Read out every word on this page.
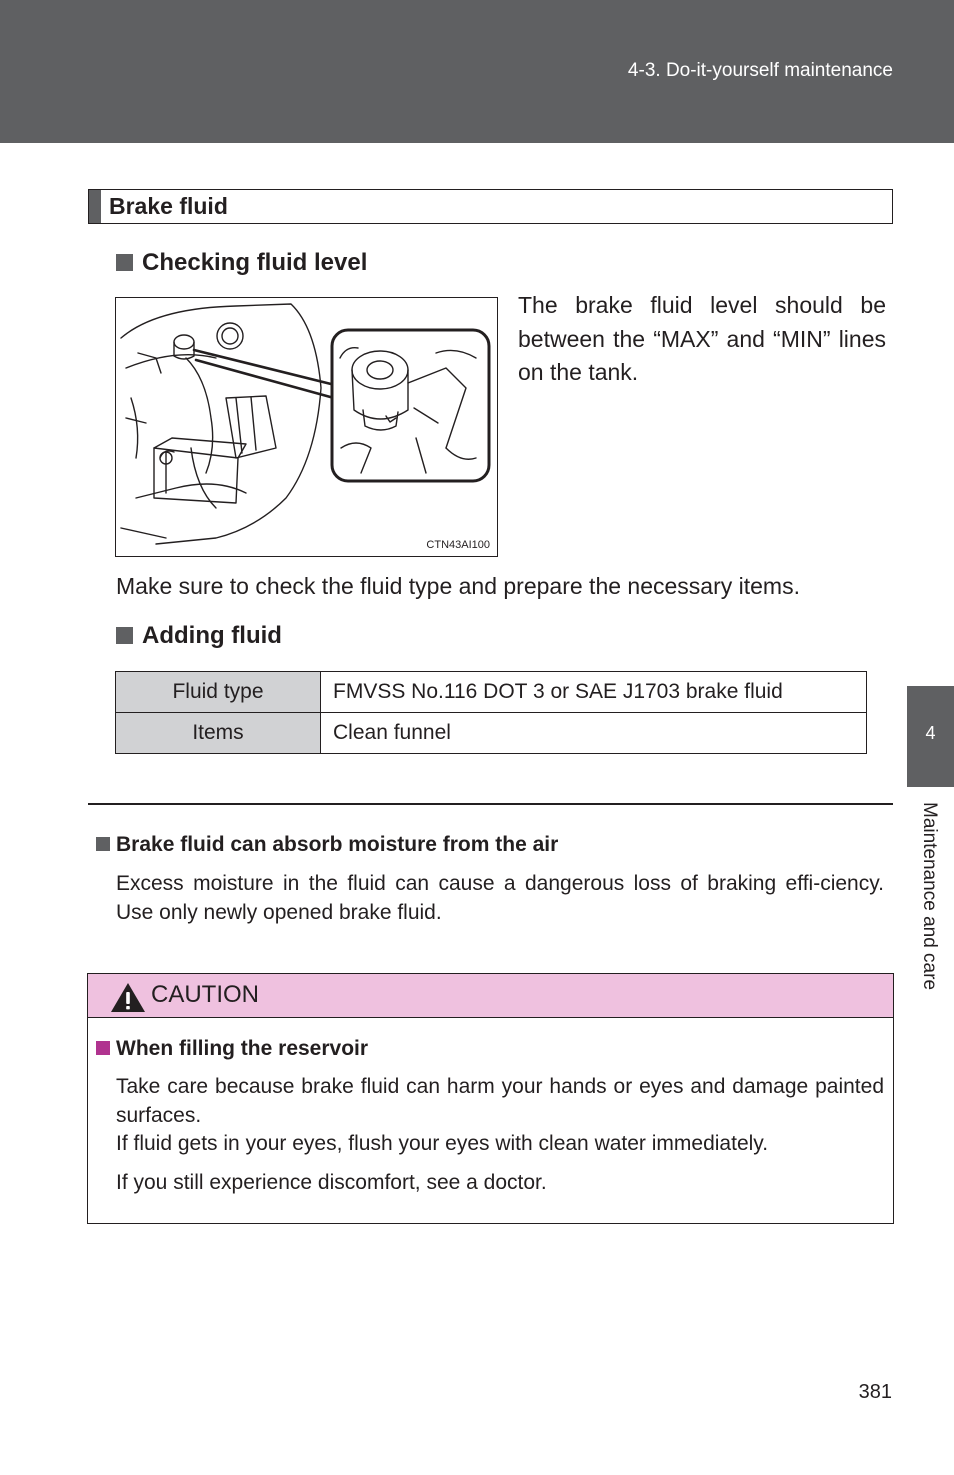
4-3. Do-it-yourself maintenance
4
Maintenance and care
Brake fluid
Checking fluid level
CTN43AI100
The brake fluid level should be between the “MAX” and “MIN” lines on the tank.
Make sure to check the fluid type and prepare the necessary items.
Adding fluid
Fluid type	FMVSS No.116 DOT 3 or SAE J1703 brake fluid
Items	Clean funnel
Brake fluid can absorb moisture from the air
Excess moisture in the fluid can cause a dangerous loss of braking effi-ciency. Use only newly opened brake fluid.
CAUTION
When filling the reservoir

Take care because brake fluid can harm your hands or eyes and damage painted surfaces.

If fluid gets in your eyes, flush your eyes with clean water immediately.

If you still experience discomfort, see a doctor.

381
